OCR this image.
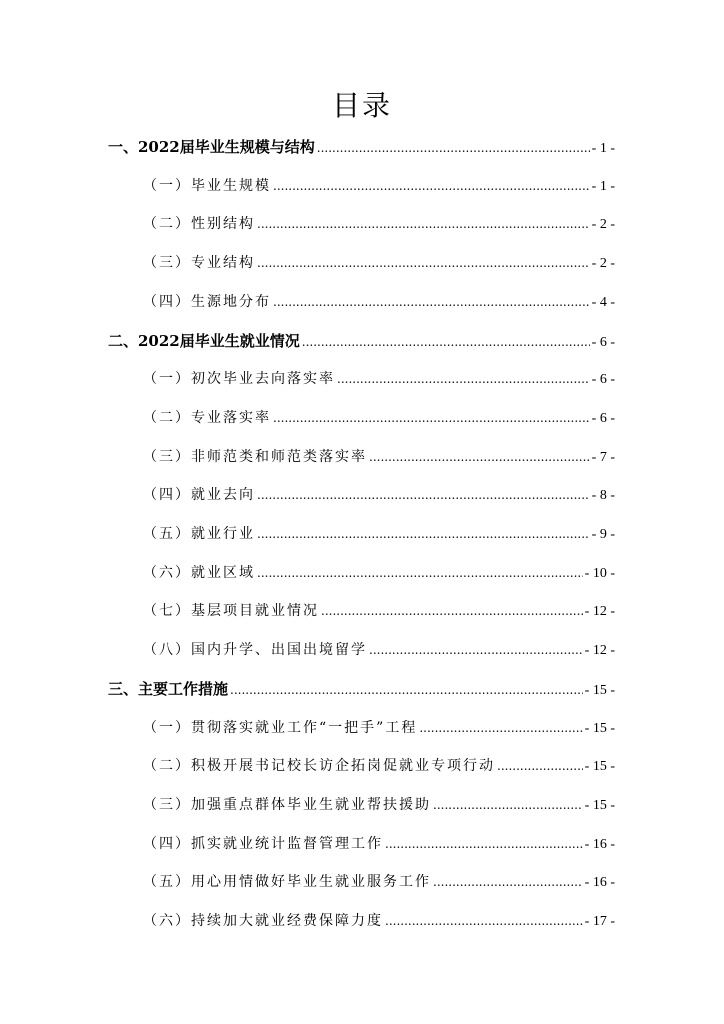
目录
一、2022届毕业生规模与结构 .....	- 1 -
（一）毕业生规模 .....	- 1 -
（二）性别结构 .....	- 2 -
（三）专业结构 .....	- 2 -
（四）生源地分布 .....	- 4 -
二、2022届毕业生就业情况 .....	- 6 -
（一）初次毕业去向落实率 .....	- 6 -
（二）专业落实率 .....	- 6 -
（三）非师范类和师范类落实率 .....	- 7 -
（四）就业去向 .....	- 8 -
（五）就业行业 .....	- 9 -
（六）就业区域 .....	- 10 -
（七）基层项目就业情况 .....	- 12 -
（八）国内升学、出国出境留学 .....	- 12 -
三、主要工作措施 .....	- 15 -
（一）贯彻落实就业工作“一把手”工程 .....	- 15 -
（二）积极开展书记校长访企拓岗促就业专项行动 .....	- 15 -
（三）加强重点群体毕业生就业帮扶援助 .....	- 15 -
（四）抓实就业统计监督管理工作 .....	- 16 -
（五）用心用情做好毕业生就业服务工作 .....	- 16 -
（六）持续加大就业经费保障力度 .....	- 17 -
